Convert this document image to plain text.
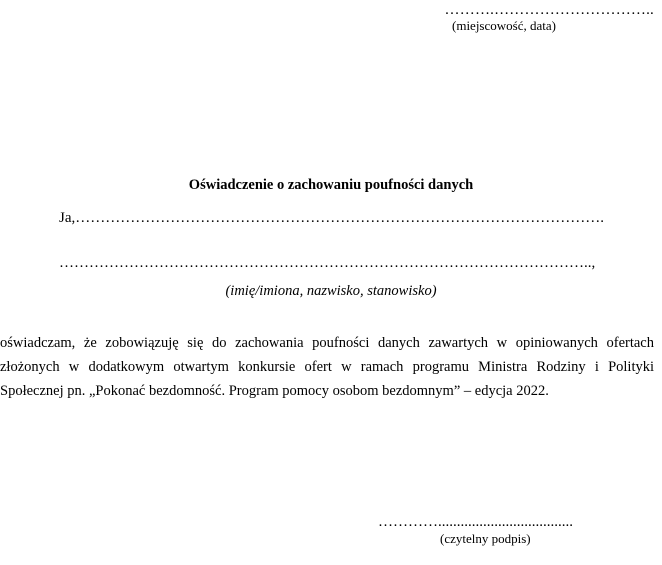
……….…………………………..
(miejscowość, data)
Oświadczenie o zachowaniu poufności danych
Ja,…………………………………………………………………………………………….
……………………………………………………………………………………………..,
(imię/imiona, nazwisko, stanowisko)

oświadczam, że zobowiązuję się do zachowania poufności danych zawartych w opiniowanych ofertach złożonych w dodatkowym otwartym konkursie ofert w ramach programu Ministra Rodziny i Polityki Społecznej pn. „Pokonać bezdomność. Program pomocy osobom bezdomnym” – edycja 2022.

…………....................................
(czytelny podpis)
